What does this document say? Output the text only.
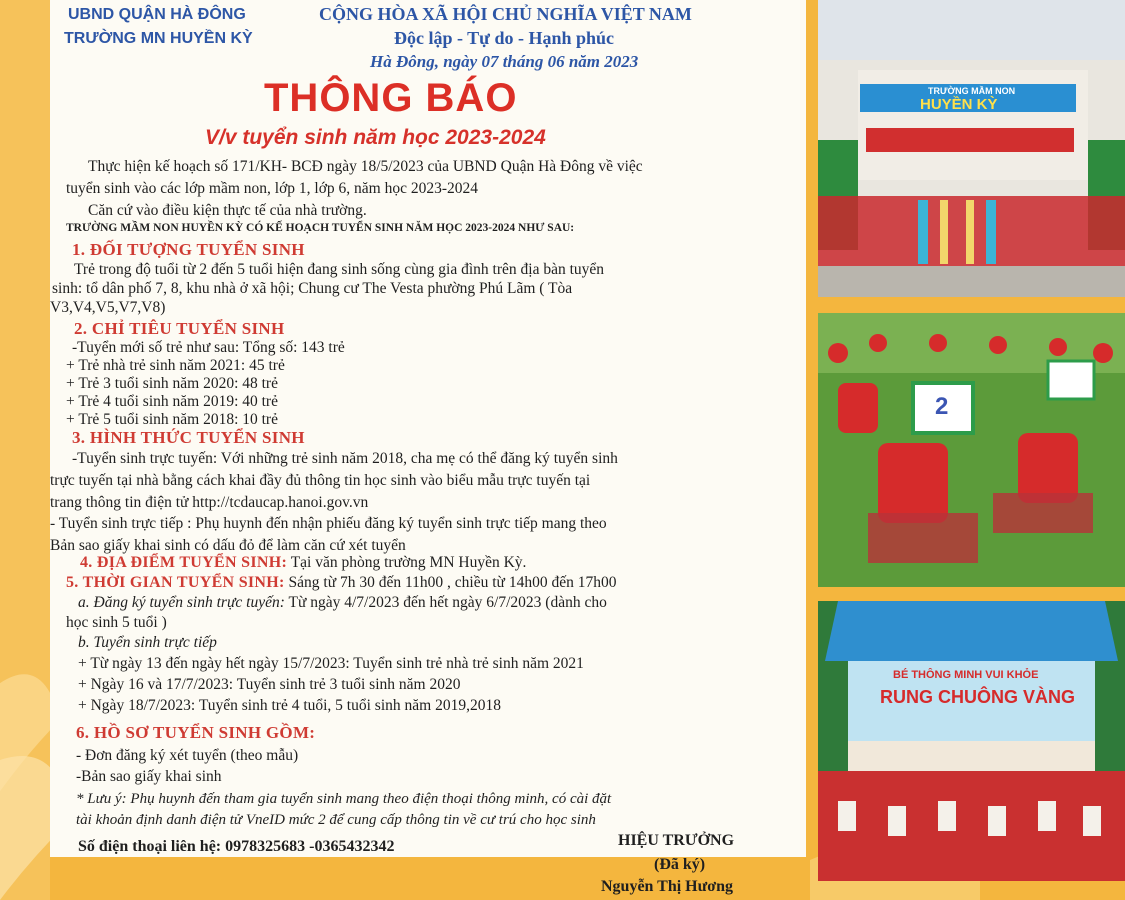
UBND QUẬN HÀ ĐÔNG
TRƯỜNG MN HUYỀN KỲ
CỘNG HÒA XÃ HỘI CHỦ NGHĨA VIỆT NAM
Độc lập - Tự do - Hạnh phúc
Hà Đông, ngày 07 tháng 06 năm 2023
THÔNG BÁO
V/v tuyển sinh năm học 2023-2024
Thực hiện kế hoạch số 171/KH- BCĐ ngày 18/5/2023 của UBND Quận Hà Đông về việc
tuyển sinh vào các lớp mầm non, lớp 1, lớp 6, năm học 2023-2024
Căn cứ vào điều kiện thực tế của nhà trường.
TRƯỜNG MẦM NON HUYỀN KỲ CÓ KẾ HOẠCH TUYỂN SINH NĂM HỌC 2023-2024 NHƯ SAU:
1. ĐỐI TƯỢNG TUYỂN SINH
Trẻ trong độ tuổi từ 2 đến 5 tuổi hiện đang sinh sống cùng gia đình trên địa bàn tuyển
sinh: tổ dân phố 7, 8, khu nhà ở xã hội; Chung cư The Vesta phường Phú Lãm ( Tòa
V3,V4,V5,V7,V8)
2. CHỈ TIÊU TUYỂN SINH
-Tuyển mới số trẻ như sau: Tổng số: 143 trẻ
+ Trẻ nhà trẻ sinh năm 2021: 45 trẻ
+ Trẻ 3 tuổi sinh năm 2020: 48 trẻ
+ Trẻ 4 tuổi sinh năm 2019: 40 trẻ
+ Trẻ 5 tuổi sinh năm 2018: 10 trẻ
3. HÌNH THỨC TUYỂN SINH
-Tuyển sinh trực tuyến: Với những trẻ sinh năm 2018, cha mẹ có thể đăng ký tuyển sinh
trực tuyến tại nhà bằng cách khai đầy đủ thông tin học sinh vào biểu mẫu trực tuyến tại
trang thông tin điện tử http://tcdaucap.hanoi.gov.vn
- Tuyển sinh trực tiếp : Phụ huynh đến nhận phiếu đăng ký tuyển sinh trực tiếp mang theo
Bản sao giấy khai sinh có dấu đỏ để làm căn cứ xét tuyển
4. ĐỊA ĐIỂM TUYỂN SINH: Tại văn phòng trường MN Huyền Kỳ.
5. THỜI GIAN TUYỂN SINH: Sáng từ 7h 30 đến 11h00 , chiều từ 14h00 đến 17h00
a. Đăng ký tuyển sinh trực tuyến: Từ ngày 4/7/2023 đến hết ngày 6/7/2023 (dành cho
học sinh 5 tuổi )
b. Tuyển sinh trực tiếp
+ Từ ngày 13 đến ngày hết ngày 15/7/2023: Tuyển sinh trẻ nhà trẻ sinh năm 2021
+ Ngày 16 và 17/7/2023: Tuyển sinh trẻ 3 tuổi sinh năm 2020
+ Ngày 18/7/2023: Tuyển sinh trẻ 4 tuổi, 5 tuổi sinh năm 2019,2018
6. HỒ SƠ TUYỂN SINH GỒM:
- Đơn đăng ký xét tuyển (theo mẫu)
-Bản sao giấy khai sinh
* Lưu ý: Phụ huynh đến tham gia tuyển sinh mang theo điện thoại thông minh, có cài đặt
tài khoản định danh điện tử VneID mức 2 để cung cấp thông tin về cư trú cho học sinh
Số điện thoại liên hệ: 0978325683 -0365432342	HIỆU TRƯỞNG
(Đã ký)
Nguyễn Thị Hương
TRƯỜNG MẦM NON
HUYỀN KỲ
2
BÉ THÔNG MINH VUI KHỎE
RUNG CHUÔNG VÀNG
